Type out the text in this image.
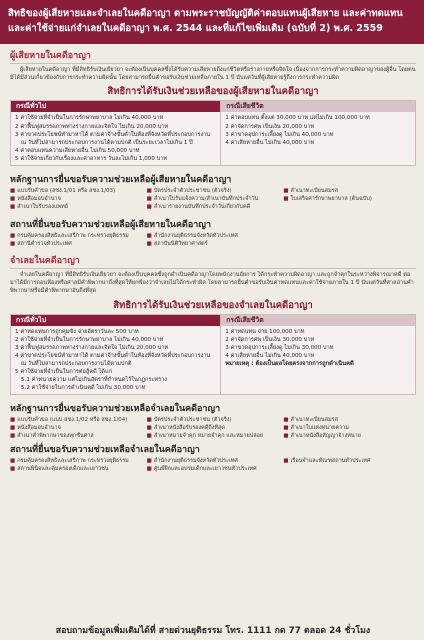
สิทธิของผู้เสียหายและจำเลยในคดีอาญา ตามพระราชบัญญัติค่าตอบแทนผู้เสียหาย และค่าทดแทน
และค่าใช้จ่ายแก่จำเลยในคดีอาญา พ.ศ. 2544 และที่แก้ไขเพิ่มเติม (ฉบับที่ 2) พ.ศ. 2559
ผู้เสียหายในคดีอาญา
ผู้เสียหายในคดีอาญา ที่มีสิทธิรับเงินเยียวยา จะต้องเป็นบุคคลซึ่งได้รับความเสียหายถึงแก่ชีวิตหรือร่างกายหรือจิตใจ เนื่องจากการกระทำความผิดอาญาของผู้อื่น โดยตนมิได้มีส่วนเกี่ยวข้องกับการกระทำความผิดนั้น โดยสามารถยื่นคำขอรับเงินช่วยเหลือภายใน 1 ปี นับแต่วันที่ผู้เสียหายรู้ถึงการกระทำความผิด
สิทธิการได้รับเงินช่วยเหลือของผู้เสียหายในคดีอาญา
กรณีทั่วไป
1 ค่าใช้จ่ายที่จำเป็นในการรักษาพยาบาล ไม่เกิน 40,000 บาท
2 ค่าฟื้นฟูสมรรถภาพทางร่างกายและจิตใจ ไม่เกิน 20,000 บาท
3 ค่าขาดประโยชน์ทำมาหาได้ ตามค่าจ้างขั้นต่ำในท้องที่จังหวัดที่ประกอบการงาน ณ วันที่ไม่สามารถประกอบการงานได้ตามปกติ เป็นระยะเวลาไม่เกิน 1 ปี
4 ค่าตอบแทนความเสียหายอื่น ไม่เกิน 50,000 บาท
5 ค่าใช้จ่ายเกี่ยวกับเรื่องและค่าอาหาร วันละไม่เกิน 1,000 บาท
กรณีเสียชีวิต
1 ค่าตอบแทน ตั้งแต่ 30,000 บาท แต่ไม่เกิน 100,000 บาท
2 ค่าจัดการศพ เป็นเงิน 20,000 บาท
3 ค่าขาดอุปการะเลี้ยงดู ไม่เกิน 40,000 บาท
4 ค่าเสียหายอื่น ไม่เกิน 40,000 บาท
หลักฐานการยื่นขอรับความช่วยเหลือผู้เสียหายในคดีอาญา
■ แบบรับคำขอ (สชง.1/01 หรือ สชง.1/03)	■ บัตรประจำตัวประชาชน (ตัวจริง)	■ สำเนาทะเบียนสมรส
■ หนังสือมอบอำนาจ	■ สำเนาใบรับแจ้งความ/สำเนาบันทึกประจำวัน	■ ใบเสร็จค่ารักษาพยาบาล (ต้นฉบับ)
■ สำเนาใบรับรองแพทย์	■ สำเนารายงานบันทึกประจำวันเกี่ยวกับคดี
สถานที่ยื่นขอรับความช่วยเหลือผู้เสียหายในคดีอาญา
■ กรมคุ้มครองสิทธิและเสรีภาพ กระทรวงยุติธรรม	■ สำนักงานยุติธรรมจังหวัดทั่วประเทศ
■ สถานีตำรวจทั่วประเทศ	■ สถาบันนิติวิทยาศาสตร์
จำเลยในคดีอาญา
จำเลยในคดีอาญา ที่มีสิทธิรับเงินเยียวยา จะต้องเป็นบุคคลซึ่งถูกดำเนินคดีอาญาโดยพนักงานอัยการ ได้กระทำความผิดอาญา และถูกจำคุกในระหว่างพิจารณาคดี ต่อมาได้มีการถอนฟ้องหรือศาลมีคำพิพากษาถึงที่สุดให้ยกฟ้องว่าจำเลยไม่ได้กระทำผิด โดยสามารถยื่นคำขอรับเงินค่าทดแทนและค่าใช้จ่ายภายใน 1 ปี นับแต่วันที่ศาลอ่านคำพิพากษาหรือมีคำพิพากษาอันถึงที่สุด
สิทธิการได้รับเงินช่วยเหลือของจำเลยในคดีอาญา
กรณีทั่วไป
1 ค่าทดแทนการถูกคุมขัง จ่ายอัตราวันละ 500 บาท
2 ค่าใช้จ่ายที่จำเป็นในการรักษาพยาบาล ไม่เกิน 40,000 บาท
3 ค่าฟื้นฟูสมรรถภาพทางร่างกายและจิตใจ ไม่เกิน 20,000 บาท
4 ค่าขาดประโยชน์ทำมาหาได้ ตามค่าจ้างขั้นต่ำในท้องที่จังหวัดที่ประกอบการงาน ณ วันที่ไม่สามารถประกอบการงานได้ตามปกติ
5 ค่าใช้จ่ายที่จำเป็นในการต่อสู้คดี ได้แก่
5.1 ค่าทนายความ แต่ไม่เกินอัตราที่กำหนดไว้ในกฎกระทรวง
5.2 ค่าใช้จ่ายในการดำเนินคดี ไม่เกิน 30,000 บาท
กรณีเสียชีวิต
1 ค่าทดแทน จ่าย 100,000 บาท
2 ค่าจัดการศพ เป็นเงิน 30,000 บาท
3 ค่าขาดอุปการะเลี้ยงดู ไม่เกิน 30,000 บาท
4 ค่าเสียหายอื่น ไม่เกิน 40,000 บาท
หมายเหตุ : ต้องเป็นผลโดยตรงจากการถูกดำเนินคดี
หลักฐานการยื่นขอรับความช่วยเหลือจำเลยในคดีอาญา
■ แบบรับคำขอ (แบบ สชง.1/02 หรือ สชง.1/04)	■ บัตรประจำตัวประชาชน (ตัวจริง)	■ สำเนาทะเบียนสมรส
■ หนังสือมอบอำนาจ	■ สำเนาหนังสือรับรองคดีถึงที่สุด	■ สำเนาใบแต่งทนายความ
■ สำเนาคำพิพากษาของทุกชั้นศาล	■ สำเนาหมายจำคุก หมายจำคุก และหมายปล่อย	■ สำเนาหนังสือสัญญาจ้างทนาย
สถานที่ยื่นขอรับความช่วยเหลือจำเลยในคดีอาญา
■ กรมคุ้มครองสิทธิและเสรีภาพ กระทรวงยุติธรรม	■ สำนักงานยุติธรรมจังหวัดทั่วประเทศ	■ เรือนจำและทัณฑสถานทั่วประเทศ
■ สถานพินิจและคุ้มครองเด็กและเยาวชน	■ ศูนย์ฝึกและอบรมเด็กและเยาวชนทั่วประเทศ
สอบถามข้อมูลเพิ่มเติมได้ที่ สายด่วนยุติธรรม โทร. 1111 กด 77 ตลอด 24 ชั่วโมง
